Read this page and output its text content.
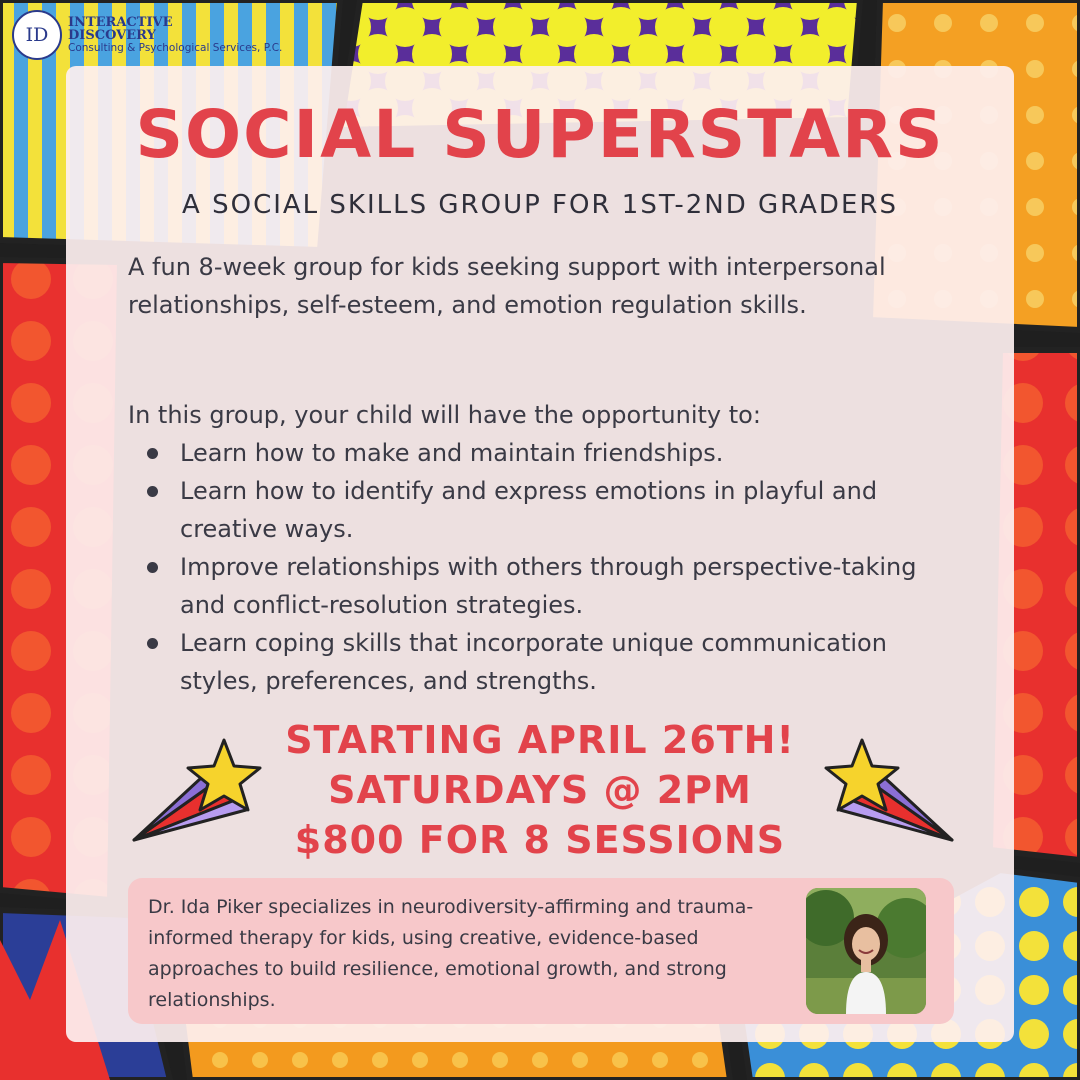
ID
INTERACTIVE
DISCOVERY
Consulting & Psychological Services, P.C.
SOCIAL SUPERSTARS
A SOCIAL SKILLS GROUP FOR 1ST-2ND GRADERS
A fun 8-week group for kids seeking support with interpersonal relationships, self-esteem, and emotion regulation skills.
In this group, your child will have the opportunity to:
Learn how to make and maintain friendships.
Learn how to identify and express emotions in playful and creative ways.
Improve relationships with others through perspective-taking and conflict-resolution strategies.
Learn coping skills that incorporate unique communication styles, preferences, and strengths.
STARTING APRIL 26TH!
SATURDAYS @ 2PM
$800 FOR 8 SESSIONS
Dr. Ida Piker specializes in neurodiversity-affirming and trauma-informed therapy for kids, using creative, evidence-based approaches to build resilience, emotional growth, and strong relationships.
